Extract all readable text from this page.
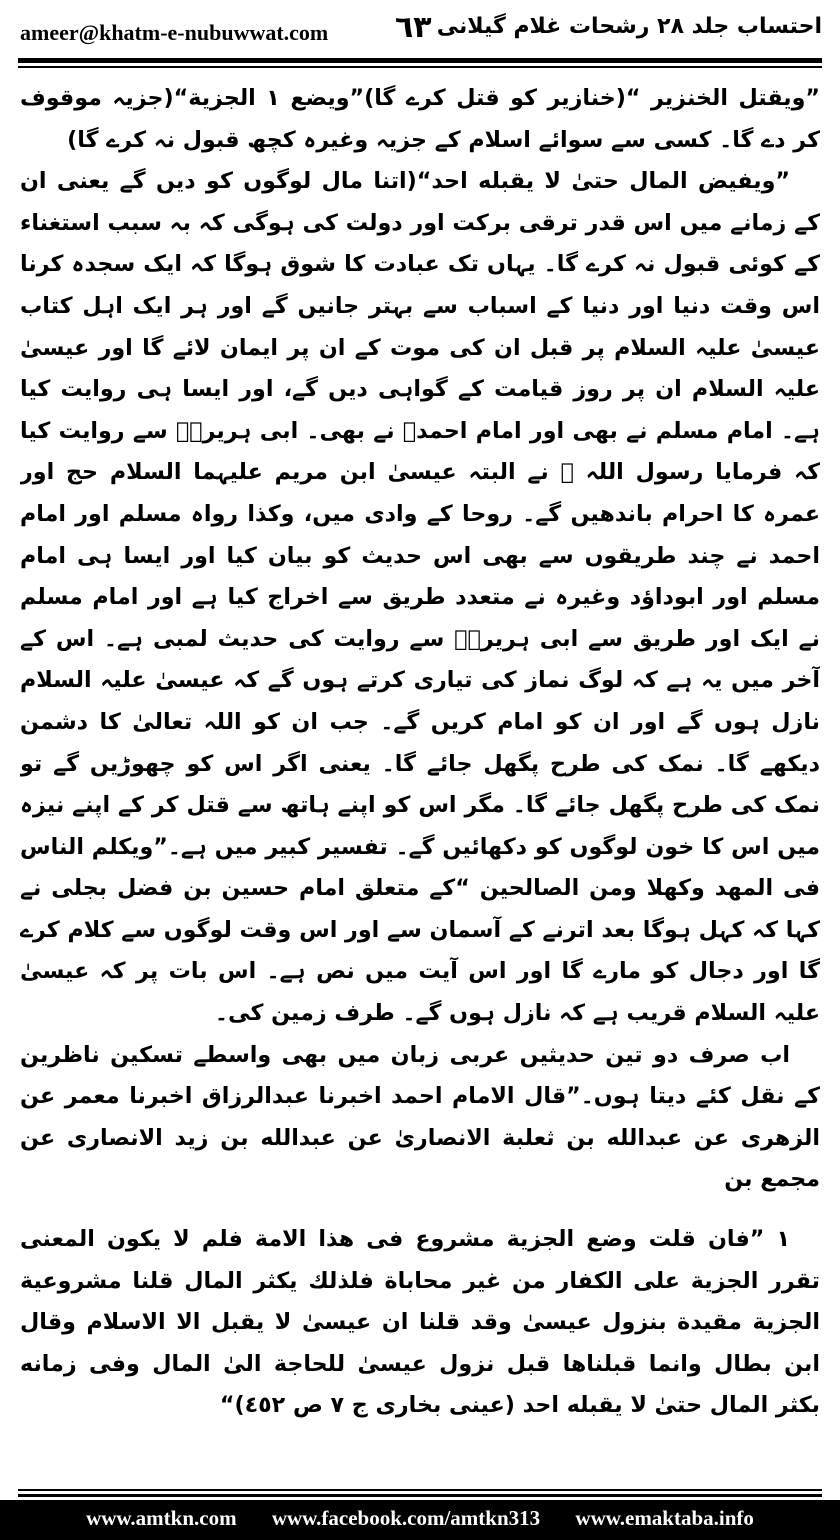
ameer@khatm-e-nubuwwat.com ٦٣ احتساب جلد ۲۸ رشحات غلام گیلانی

”ویقتل الخنزیر “(خنازیر کو قتل کرے گا)”ویضع ۱ الجزیة“(جزیہ موقوف کر دے گا۔ کسی سے سوائے اسلام کے جزیہ وغیرہ کچھ قبول نہ کرے گا)

”ویفیض المال حتیٰ لا یقبله احد“(اتنا مال لوگوں کو دیں گے یعنی ان کے زمانے میں اس قدر ترقی برکت اور دولت کی ہوگی کہ بہ سبب استغناء کے کوئی قبول نہ کرے گا۔ یہاں تک عبادت کا شوق ہوگا کہ ایک سجدہ کرنا اس وقت دنیا اور دنیا کے اسباب سے بہتر جانیں گے اور ہر ایک اہل کتاب عیسیٰ علیہ السلام پر قبل ان کی موت کے ان پر ایمان لائے گا اور عیسیٰ علیہ السلام ان پر روز قیامت کے گواہی دیں گے، اور ایسا ہی روایت کیا ہے۔ امام مسلم نے بھی اور امام احمدؒ نے بھی۔ ابی ہریرہؓ سے روایت کیا کہ فرمایا رسول اللہ ﷺ نے البتہ عیسیٰ ابن مریم علیہما السلام حج اور عمرہ کا احرام باندھیں گے۔ روحا کے وادی میں، وکذا رواہ مسلم اور امام احمد نے چند طریقوں سے بھی اس حدیث کو بیان کیا اور ایسا ہی امام مسلم اور ابوداؤد وغیرہ نے متعدد طریق سے اخراج کیا ہے اور امام مسلم نے ایک اور طریق سے ابی ہریرہؓ سے روایت کی حدیث لمبی ہے۔ اس کے آخر میں یہ ہے کہ لوگ نماز کی تیاری کرتے ہوں گے کہ عیسیٰ علیہ السلام نازل ہوں گے اور ان کو امام کریں گے۔ جب ان کو اللہ تعالیٰ کا دشمن دیکھے گا۔ نمک کی طرح پگھل جائے گا۔ یعنی اگر اس کو چھوڑیں گے تو نمک کی طرح پگھل جائے گا۔ مگر اس کو اپنے ہاتھ سے قتل کر کے اپنے نیزہ میں اس کا خون لوگوں کو دکھائیں گے۔ تفسیر کبیر میں ہے۔”ویکلم الناس فی المهد وکهلا ومن الصالحین “کے متعلق امام حسین بن فضل بجلی نے کہا کہ کہل ہوگا بعد اترنے کے آسمان سے اور اس وقت لوگوں سے کلام کرے گا اور دجال کو مارے گا اور اس آیت میں نص ہے۔ اس بات پر کہ عیسیٰ علیہ السلام قریب ہے کہ نازل ہوں گے۔ طرف زمین کی۔

اب صرف دو تین حدیثیں عربی زبان میں بھی واسطے تسکین ناظرین کے نقل کئے دیتا ہوں۔”قال الامام احمد اخبرنا عبدالرزاق اخبرنا معمر عن الزهری عن عبدالله بن ثعلبة الانصاریٰ عن عبدالله بن زید الانصاری عن مجمع بن

۱ ”فان قلت وضع الجزیة مشروع فی هذا الامة فلم لا یکون المعنی تقرر الجزیة علی الکفار من غیر محاباة فلذلك یکثر المال قلنا مشروعیة الجزیة مقیدة بنزول عیسیٰ وقد قلنا ان عیسیٰ لا یقبل الا الاسلام وقال ابن بطال وانما قبلناها قبل نزول عیسیٰ للحاجة الیٰ المال وفی زمانه بکثر المال حتیٰ لا یقبله احد (عینی بخاری ج ۷ ص ٤٥٢)“

www.amtkn.com www.facebook.com/amtkn313 www.emaktaba.info
